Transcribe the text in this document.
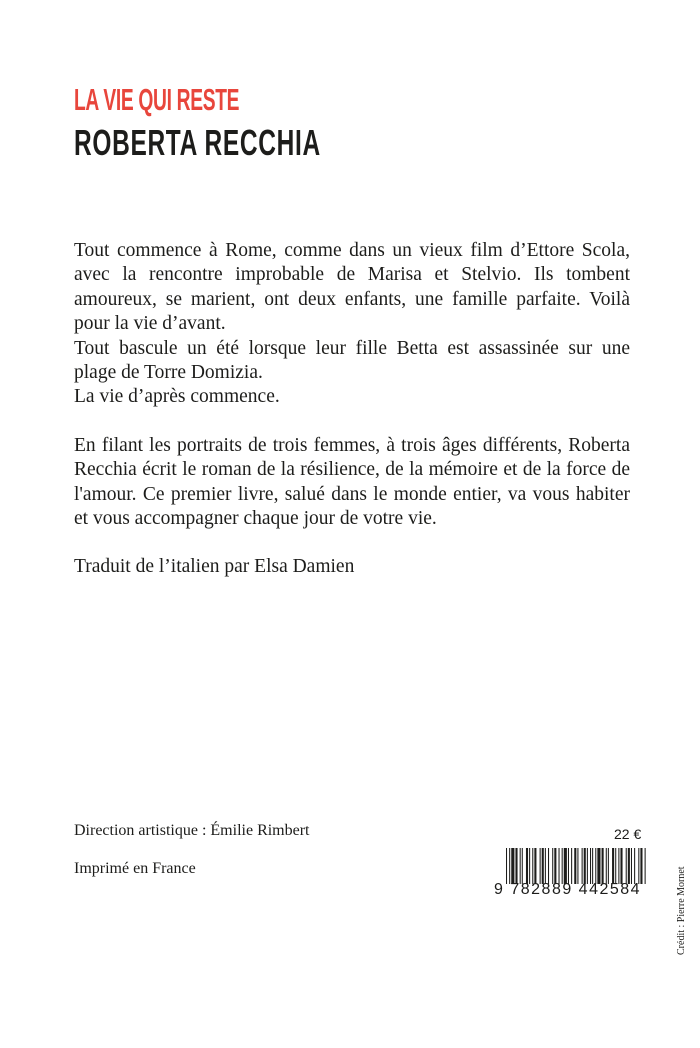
LA VIE QUI RESTE
ROBERTA RECCHIA

Tout commence à Rome, comme dans un vieux film d’Ettore Scola,
avec la rencontre improbable de Marisa et Stelvio. Ils tombent
amoureux, se marient, ont deux enfants, une famille parfaite. Voilà
pour la vie d’avant.
Tout bascule un été lorsque leur fille Betta est assassinée sur une
plage de Torre Domizia.
La vie d’après commence.

En filant les portraits de trois femmes, à trois âges différents, Roberta Recchia écrit le roman de la résilience, de la mémoire et de la force de l'amour. Ce premier livre, salué dans le monde entier, va vous habiter et vous accompagner chaque jour de votre vie.

Traduit de l’italien par Elsa Damien

Direction artistique : Émilie Rimbert
Imprimé en France
22 €
9 782889 442584	Crédit : Pierre Mornet
